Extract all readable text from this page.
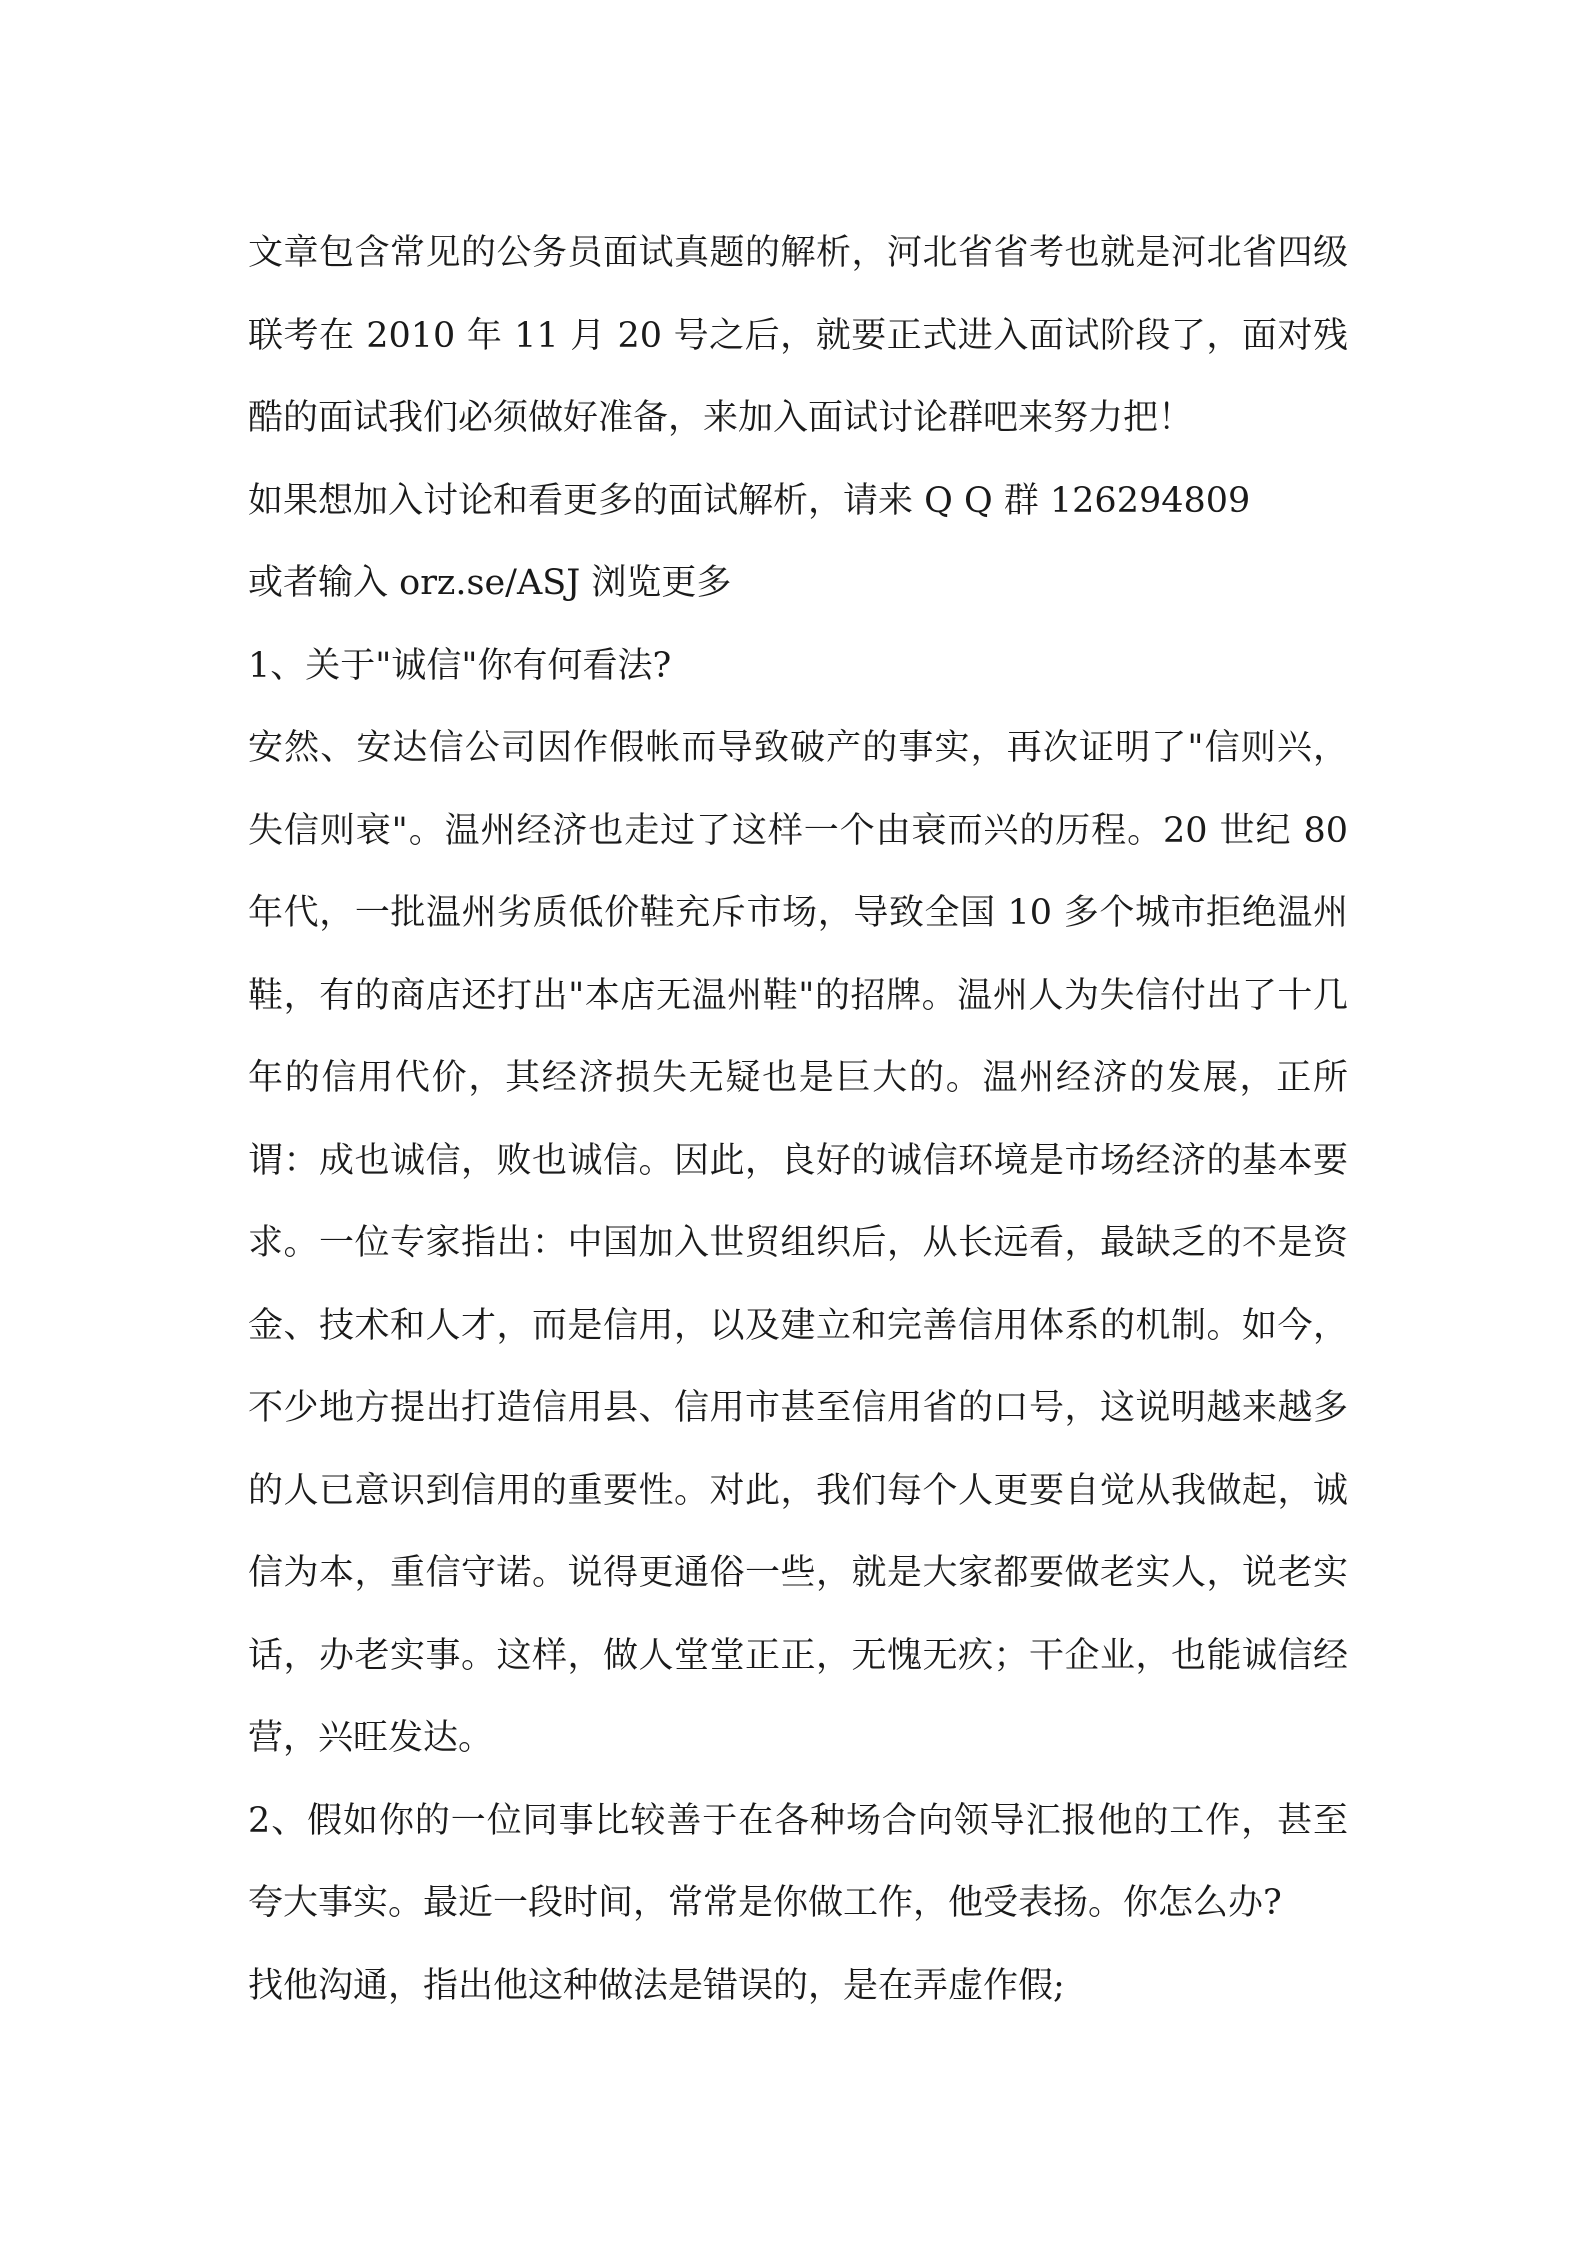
文章包含常见的公务员面试真题的解析，河北省省考也就是河北省四级联考在 2010 年 11 月 20 号之后，就要正式进入面试阶段了，面对残酷的面试我们必须做好准备，来加入面试讨论群吧来努力把！

如果想加入讨论和看更多的面试解析，请来 Q Q 群 126294809

或者输入 orz.se/ASJ 浏览更多

1、关于"诚信"你有何看法?

安然、安达信公司因作假帐而导致破产的事实，再次证明了"信则兴，失信则衰"。温州经济也走过了这样一个由衰而兴的历程。20 世纪 80 年代，一批温州劣质低价鞋充斥市场，导致全国 10 多个城市拒绝温州鞋，有的商店还打出"本店无温州鞋"的招牌。温州人为失信付出了十几年的信用代价，其经济损失无疑也是巨大的。温州经济的发展，正所谓：成也诚信，败也诚信。因此，良好的诚信环境是市场经济的基本要求。一位专家指出：中国加入世贸组织后，从长远看，最缺乏的不是资金、技术和人才，而是信用，以及建立和完善信用体系的机制。如今，不少地方提出打造信用县、信用市甚至信用省的口号，这说明越来越多的人已意识到信用的重要性。对此，我们每个人更要自觉从我做起，诚信为本，重信守诺。说得更通俗一些，就是大家都要做老实人，说老实话，办老实事。这样，做人堂堂正正，无愧无疚；干企业，也能诚信经营，兴旺发达。

2、假如你的一位同事比较善于在各种场合向领导汇报他的工作，甚至夸大事实。最近一段时间，常常是你做工作，他受表扬。你怎么办?

找他沟通，指出他这种做法是错误的，是在弄虚作假;
